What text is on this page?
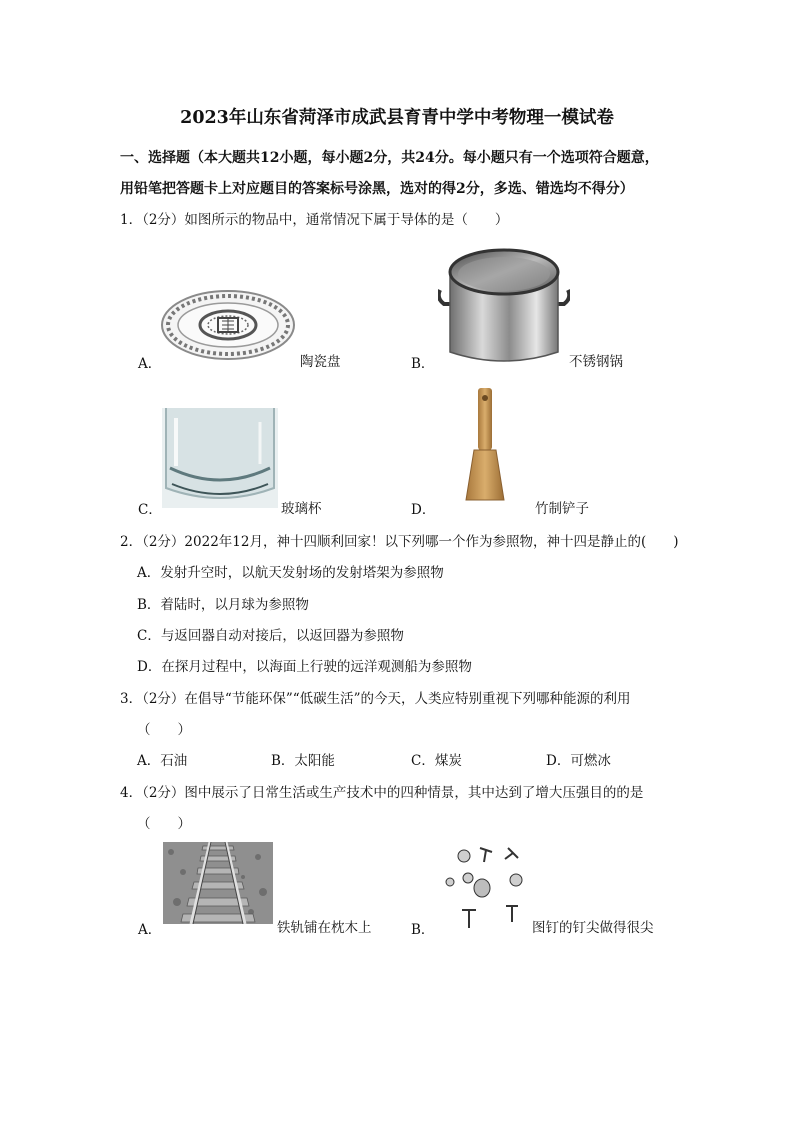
2023年山东省菏泽市成武县育青中学中考物理一模试卷
一、选择题（本大题共12小题，每小题2分，共24分。每小题只有一个选项符合题意，
用铅笔把答题卡上对应题目的答案标号涂黑，选对的得2分，多选、错选均不得分）
1．（2分）如图所示的物品中，通常情况下属于导体的是（　　）
A．	陶瓷盘	B．	不锈钢锅
C．	玻璃杯	D．	竹制铲子
2．（2分）2022年12月，神十四顺利回家！以下列哪一个作为参照物，神十四是静止的(　　)
A．发射升空时，以航天发射场的发射塔架为参照物
B．着陆时，以月球为参照物
C．与返回器自动对接后，以返回器为参照物
D．在探月过程中，以海面上行驶的远洋观测船为参照物
3．（2分）在倡导“节能环保”“低碳生活”的今天，人类应特别重视下列哪种能源的利用
（　　）
A．石油	B．太阳能	C．煤炭	D．可燃冰
4．（2分）图中展示了日常生活或生产技术中的四种情景，其中达到了增大压强目的的是
（　　）
A．	铁轨铺在枕木上	B．	图钉的钉尖做得很尖
